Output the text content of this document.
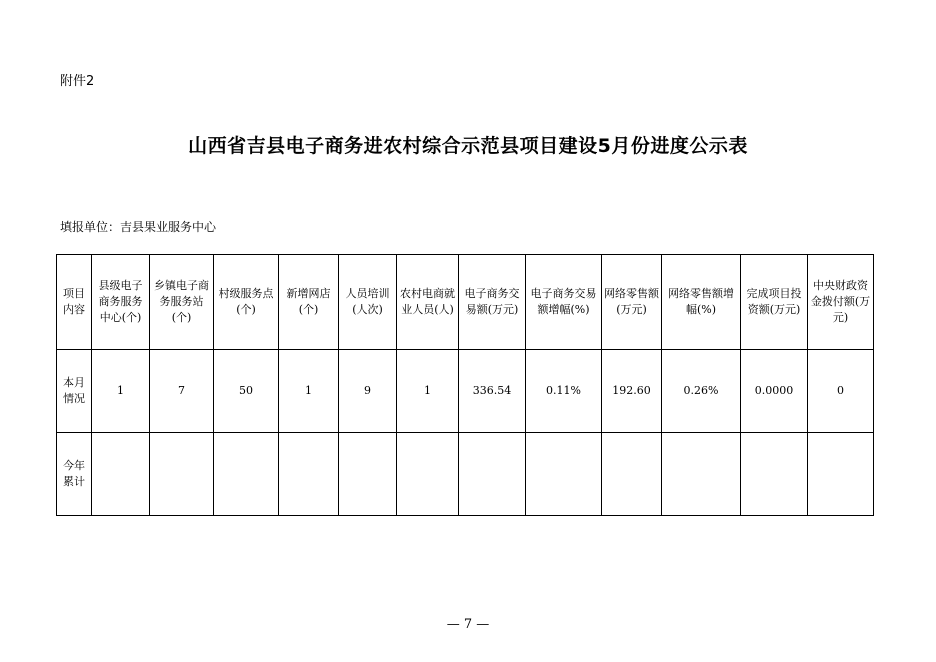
附件2
山西省吉县电子商务进农村综合示范县项目建设5月份进度公示表
填报单位：吉县果业服务中心
项目内容	县级电子商务服务中心(个)	乡镇电子商务服务站(个)	村级服务点(个)	新增网店(个)	人员培训(人次)	农村电商就业人员(人)	电子商务交易额(万元)	电子商务交易额增幅(%)	网络零售额(万元)	网络零售额增幅(%)	完成项目投资额(万元)	中央财政资金拨付额(万元)
本月情况	1	7	50	1	9	1	336.54	0.11%	192.60	0.26%	0.0000	0
今年累计												
— 7 —
